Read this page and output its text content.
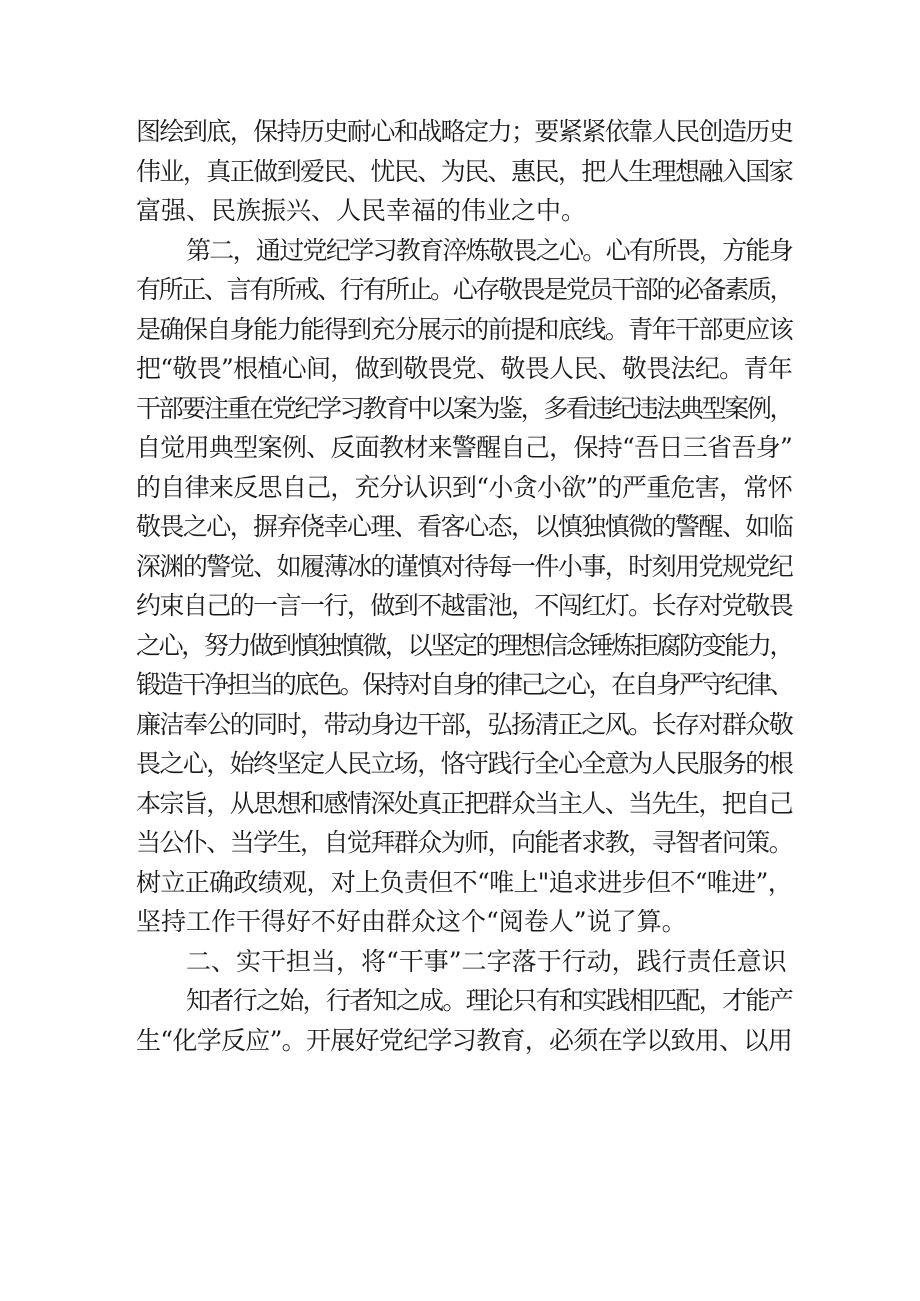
图绘到底，保持历史耐心和战略定力；要紧紧依靠人民创造历史
伟业，真正做到爱民、忧民、为民、惠民，把人生理想融入国家
富强、民族振兴、人民幸福的伟业之中。
第二，通过党纪学习教育淬炼敬畏之心。心有所畏，方能身
有所正、言有所戒、行有所止。心存敬畏是党员干部的必备素质，
是确保自身能力能得到充分展示的前提和底线。青年干部更应该
把“敬畏”根植心间，做到敬畏党、敬畏人民、敬畏法纪。青年
干部要注重在党纪学习教育中以案为鉴，多看违纪违法典型案例，
自觉用典型案例、反面教材来警醒自己，保持“吾日三省吾身”
的自律来反思自己，充分认识到“小贪小欲”的严重危害，常怀
敬畏之心，摒弃侥幸心理、看客心态，以慎独慎微的警醒、如临
深渊的警觉、如履薄冰的谨慎对待每一件小事，时刻用党规党纪
约束自己的一言一行，做到不越雷池，不闯红灯。长存对党敬畏
之心，努力做到慎独慎微，以坚定的理想信念锤炼拒腐防变能力，
锻造干净担当的底色。保持对自身的律己之心，在自身严守纪律、
廉洁奉公的同时，带动身边干部，弘扬清正之风。长存对群众敬
畏之心，始终坚定人民立场，恪守践行全心全意为人民服务的根
本宗旨，从思想和感情深处真正把群众当主人、当先生，把自己
当公仆、当学生，自觉拜群众为师，向能者求教，寻智者问策。
树立正确政绩观，对上负责但不“唯上"追求进步但不“唯进”，
坚持工作干得好不好由群众这个“阅卷人”说了算。
二、实干担当，将“干事”二字落于行动，践行责任意识
知者行之始，行者知之成。理论只有和实践相匹配，才能产
生“化学反应”。开展好党纪学习教育，必须在学以致用、以用
